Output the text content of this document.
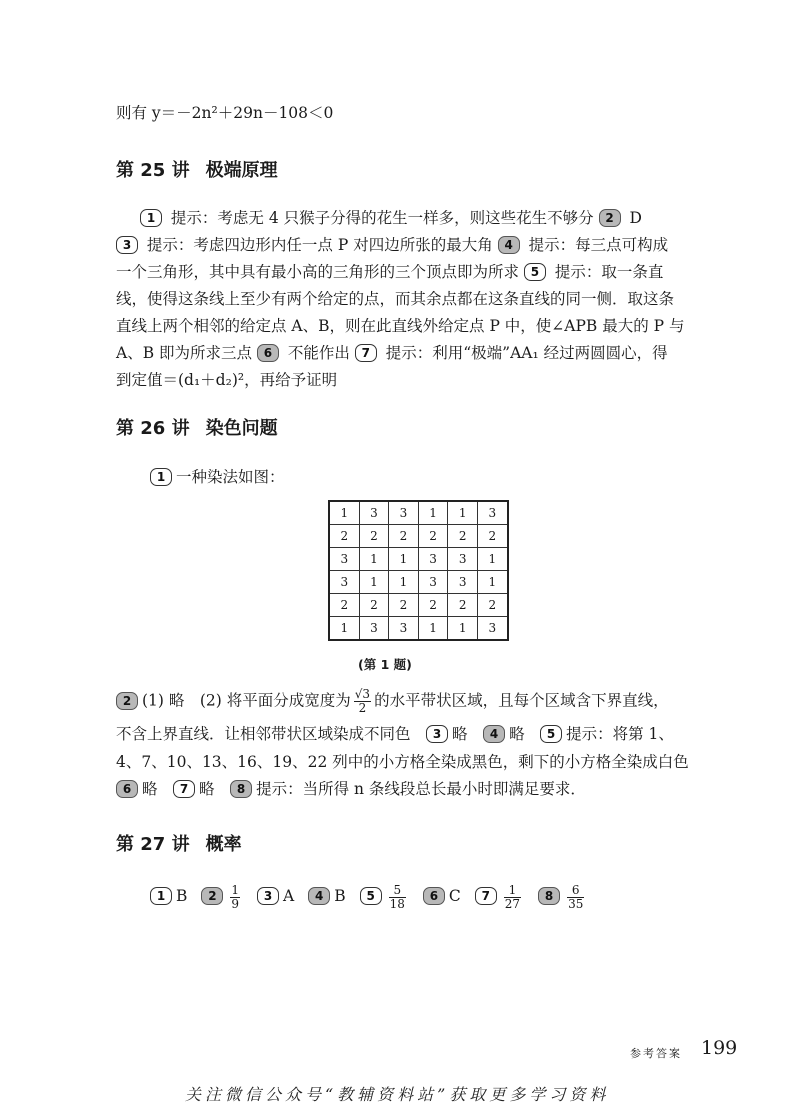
则有 y＝－2n²＋29n－108＜0
第 25 讲 极端原理
1 提示：考虑无 4 只猴子分得的花生一样多，则这些花生不够分 2 D
3 提示：考虑四边形内任一点 P 对四边所张的最大角 4 提示：每三点可构成
一个三角形，其中具有最小高的三角形的三个顶点即为所求 5 提示：取一条直
线，使得这条线上至少有两个给定的点，而其余点都在这条直线的同一侧．取这条
直线上两个相邻的给定点 A、B，则在此直线外给定点 P 中，使∠APB 最大的 P 与
A、B 即为所求三点 6 不能作出 7 提示：利用“极端”AA₁ 经过两圆圆心，得
到定值＝(d₁＋d₂)²，再给予证明
第 26 讲 染色问题
1 一种染法如图：
1	3	3	1	1	3
2	2	2	2	2	2
3	1	1	3	3	1
3	1	1	3	3	1
2	2	2	2	2	2
1	3	3	1	1	3
(第 1 题)
2 (1) 略　(2) 将平面分成宽度为 $\frac{√3}{2}$ 的水平带状区域，且每个区域含下界直线，
不含上界直线．让相邻带状区域染成不同色　 3 略　 4 略　 5 提示：将第 1、
4、7、10、13、16、19、22 列中的小方格全染成黑色，剩下的小方格全染成白色
6 略　 7 略　 8 提示：当所得 n 条线段总长最小时即满足要求．
第 27 讲 概率
1 B $2 \frac{1}{9} 3$ A 4 B $5 \frac{5}{18} 6$ C $7 \frac{1}{27} 8 \frac{6}{35}$
参考答案 199
关注微信公众号“教辅资料站”获取更多学习资料
